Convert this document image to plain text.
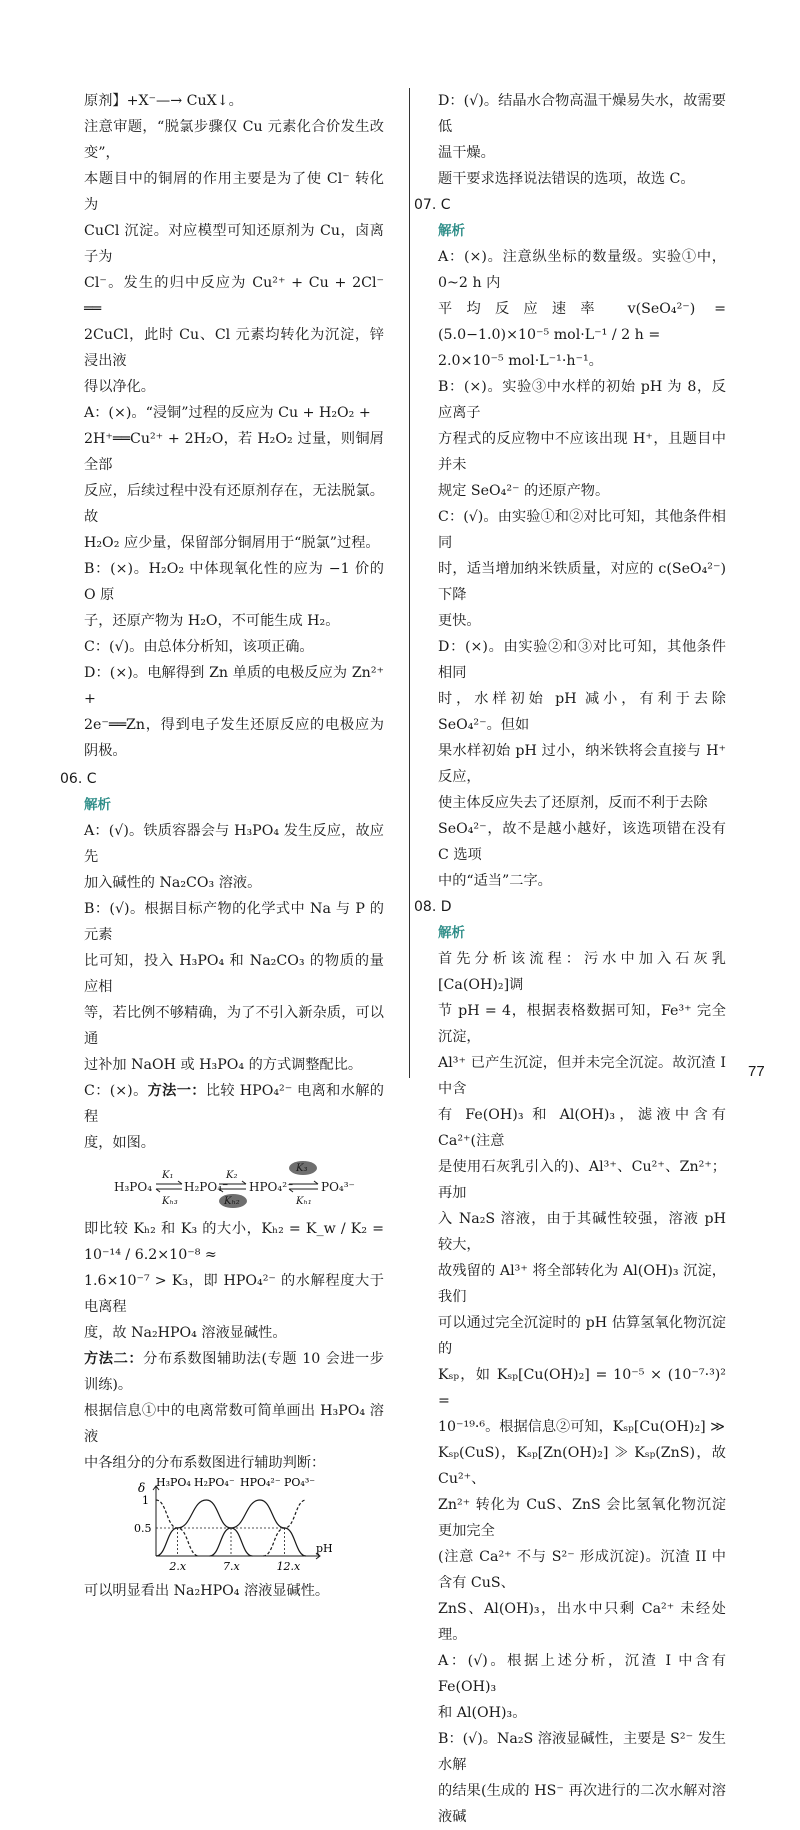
原剂】+X⁻—→ CuX↓。

注意审题，“脱氯步骤仅 Cu 元素化合价发生改变”，

本题目中的铜屑的作用主要是为了使 Cl⁻ 转化为

CuCl 沉淀。对应模型可知还原剂为 Cu，卤离子为

Cl⁻。发生的归中反应为 Cu²⁺ + Cu + 2Cl⁻ ══

2CuCl，此时 Cu、Cl 元素均转化为沉淀，锌浸出液

得以净化。

A：(×)。“浸铜”过程的反应为 Cu + H₂O₂ +

2H⁺══Cu²⁺ + 2H₂O，若 H₂O₂ 过量，则铜屑全部

反应，后续过程中没有还原剂存在，无法脱氯。故

H₂O₂ 应少量，保留部分铜屑用于“脱氯”过程。

B：(×)。H₂O₂ 中体现氧化性的应为 −1 价的 O 原

子，还原产物为 H₂O，不可能生成 H₂。

C：(√)。由总体分析知，该项正确。

D：(×)。电解得到 Zn 单质的电极反应为 Zn²⁺ +

2e⁻══Zn，得到电子发生还原反应的电极应为阴极。

06. C

解析

A：(√)。铁质容器会与 H₃PO₄ 发生反应，故应先

加入碱性的 Na₂CO₃ 溶液。

B：(√)。根据目标产物的化学式中 Na 与 P 的元素

比可知，投入 H₃PO₄ 和 Na₂CO₃ 的物质的量应相

等，若比例不够精确，为了不引入新杂质，可以通

过补加 NaOH 或 H₃PO₄ 的方式调整配比。

C：(×)。方法一：比较 HPO₄²⁻ 电离和水解的程

度，如图。

H₃PO₄	H₂PO₄⁻ HPO₄²⁻ PO₄³⁻
K₁
Kₕ₃
K₂
Kₕ₂
K₃
Kₕ₁

即比较 Kₕ₂ 和 K₃ 的大小，Kₕ₂ = K_w / K₂ = 10⁻¹⁴ / 6.2×10⁻⁸ ≈

1.6×10⁻⁷ > K₃，即 HPO₄²⁻ 的水解程度大于电离程

度，故 Na₂HPO₄ 溶液显碱性。

方法二：分布系数图辅助法(专题 10 会进一步训练)。

根据信息①中的电离常数可简单画出 H₃PO₄ 溶液

中各组分的分布系数图进行辅助判断：

δ
pH
1
0.5
2.x	7.x	12.x
H₃PO₄ H₂PO₄⁻ HPO₄²⁻ PO₄³⁻

可以明显看出 Na₂HPO₄ 溶液显碱性。

D：(√)。结晶水合物高温干燥易失水，故需要低

温干燥。

题干要求选择说法错误的选项，故选 C。

07. C

解析

A：(×)。注意纵坐标的数量级。实验①中，0~2 h 内

平均反应速率 v(SeO₄²⁻) = (5.0−1.0)×10⁻⁵ mol·L⁻¹ / 2 h =

2.0×10⁻⁵ mol·L⁻¹·h⁻¹。

B：(×)。实验③中水样的初始 pH 为 8，反应离子

方程式的反应物中不应该出现 H⁺，且题目中并未

规定 SeO₄²⁻ 的还原产物。

C：(√)。由实验①和②对比可知，其他条件相同

时，适当增加纳米铁质量，对应的 c(SeO₄²⁻) 下降

更快。

D：(×)。由实验②和③对比可知，其他条件相同

时，水样初始 pH 减小，有利于去除 SeO₄²⁻。但如

果水样初始 pH 过小，纳米铁将会直接与 H⁺ 反应，

使主体反应失去了还原剂，反而不利于去除

SeO₄²⁻，故不是越小越好，该选项错在没有 C 选项

中的“适当”二字。

08. D

解析

首先分析该流程：污水中加入石灰乳[Ca(OH)₂]调

节 pH = 4，根据表格数据可知，Fe³⁺ 完全沉淀，

Al³⁺ 已产生沉淀，但并未完全沉淀。故沉渣 I 中含

有 Fe(OH)₃ 和 Al(OH)₃，滤液中含有 Ca²⁺(注意

是使用石灰乳引入的)、Al³⁺、Cu²⁺、Zn²⁺；再加

入 Na₂S 溶液，由于其碱性较强，溶液 pH 较大，

故残留的 Al³⁺ 将全部转化为 Al(OH)₃ 沉淀，我们

可以通过完全沉淀时的 pH 估算氢氧化物沉淀的

Kₛₚ，如 Kₛₚ[Cu(OH)₂] = 10⁻⁵ × (10⁻⁷·³)² =

10⁻¹⁹·⁶。根据信息②可知，Kₛₚ[Cu(OH)₂] ≫

Kₛₚ(CuS)，Kₛₚ[Zn(OH)₂] ≫ Kₛₚ(ZnS)，故 Cu²⁺、

Zn²⁺ 转化为 CuS、ZnS 会比氢氧化物沉淀更加完全

(注意 Ca²⁺ 不与 S²⁻ 形成沉淀)。沉渣 II 中含有 CuS、

ZnS、Al(OH)₃，出水中只剩 Ca²⁺ 未经处理。

A：(√)。根据上述分析，沉渣 I 中含有 Fe(OH)₃

和 Al(OH)₃。

B：(√)。Na₂S 溶液显碱性，主要是 S²⁻ 发生水解

的结果(生成的 HS⁻ 再次进行的二次水解对溶液碱

77
